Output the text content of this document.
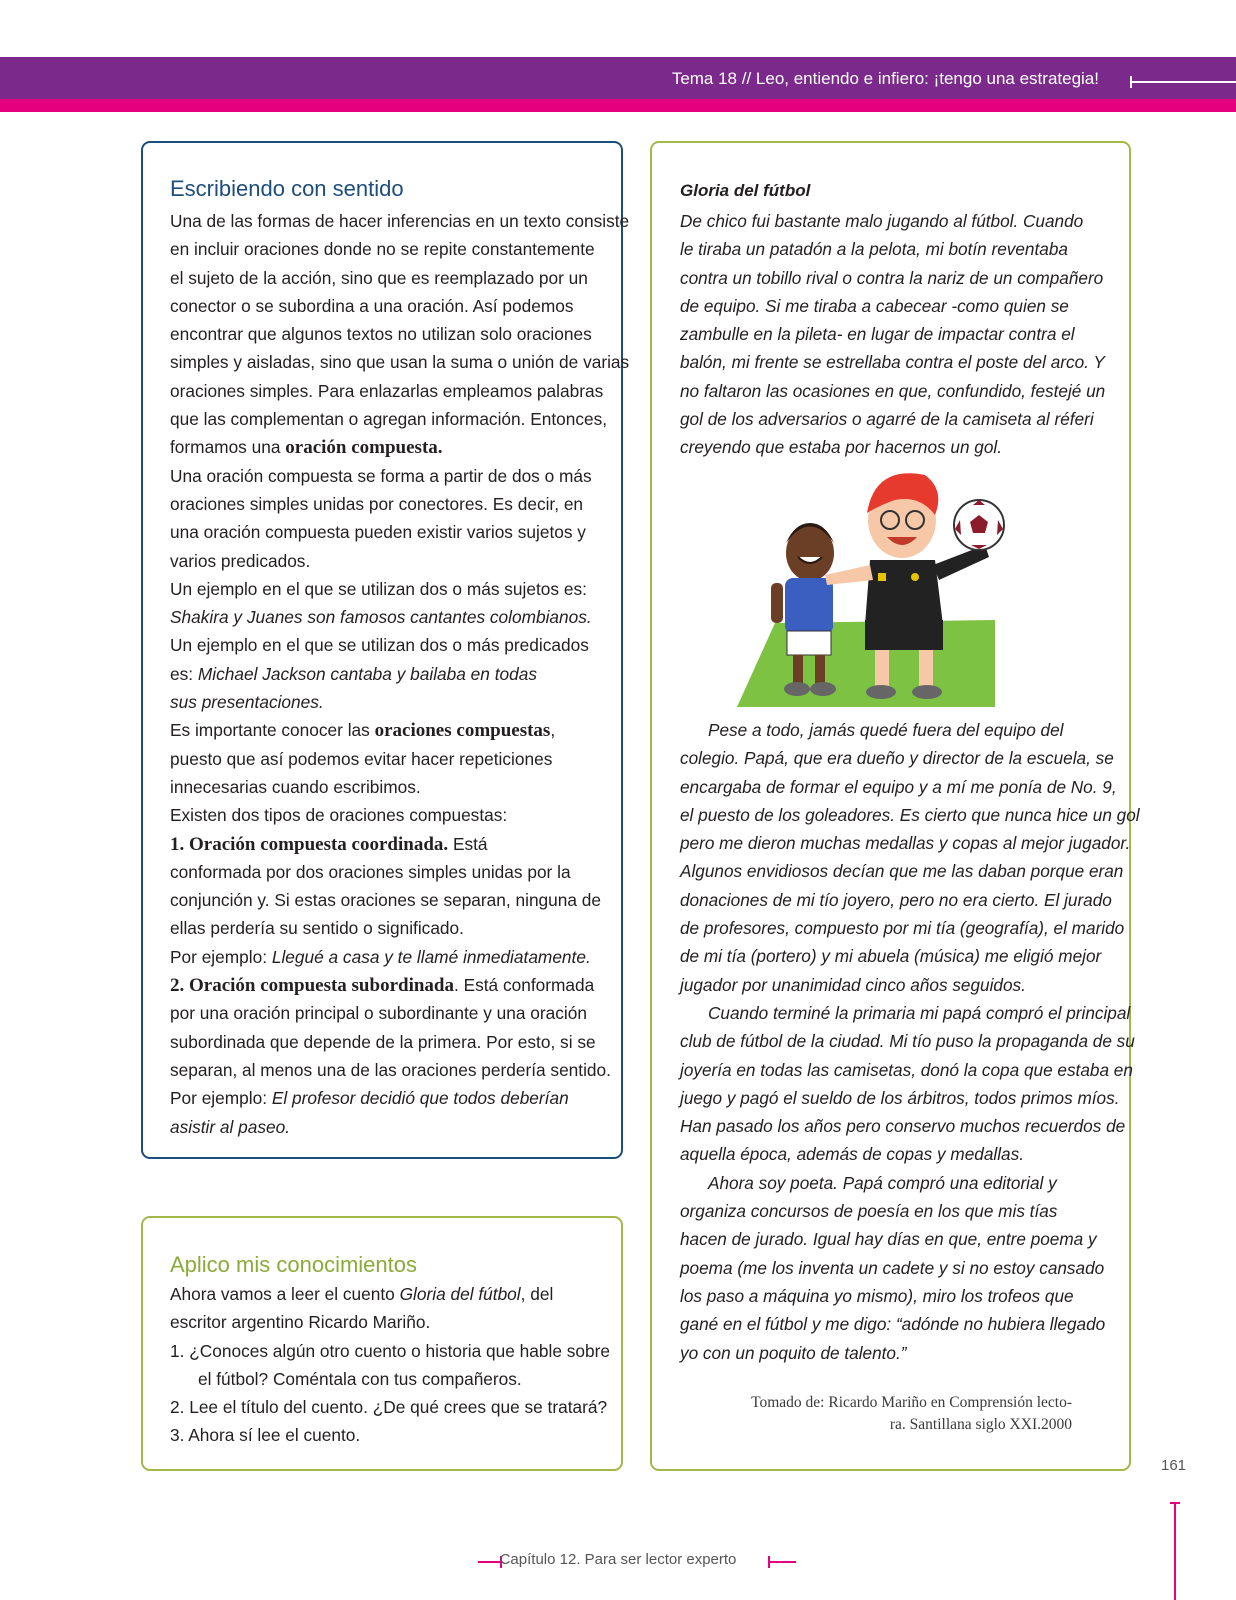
Tema 18 // Leo, entiendo e infiero: ¡tengo una estrategia!
Escribiendo con sentido
Una de las formas de hacer inferencias en un texto consiste
en incluir oraciones donde no se repite constantemente
el sujeto de la acción, sino que es reemplazado por un
conector o se subordina a una oración. Así podemos
encontrar que algunos textos no utilizan solo oraciones
simples y aisladas, sino que usan la suma o unión de varias
oraciones simples. Para enlazarlas empleamos palabras
que las complementan o agregan información. Entonces,
formamos una oración compuesta.
Una oración compuesta se forma a partir de dos o más
oraciones simples unidas por conectores. Es decir, en
una oración compuesta pueden existir varios sujetos y
varios predicados.
Un ejemplo en el que se utilizan dos o más sujetos es:
Shakira y Juanes son famosos cantantes colombianos.
Un ejemplo en el que se utilizan dos o más predicados
es: Michael Jackson cantaba y bailaba en todas
sus presentaciones.
Es importante conocer las oraciones compuestas,
puesto que así podemos evitar hacer repeticiones
innecesarias cuando escribimos.
Existen dos tipos de oraciones compuestas:
1. Oración compuesta coordinada. Está
conformada por dos oraciones simples unidas por la
conjunción y. Si estas oraciones se separan, ninguna de
ellas perdería su sentido o significado.
Por ejemplo: Llegué a casa y te llamé inmediatamente.
2. Oración compuesta subordinada. Está conformada
por una oración principal o subordinante y una oración
subordinada que depende de la primera. Por esto, si se
separan, al menos una de las oraciones perdería sentido.
Por ejemplo: El profesor decidió que todos deberían
asistir al paseo.
Aplico mis conocimientos
Ahora vamos a leer el cuento Gloria del fútbol, del
escritor argentino Ricardo Mariño.
1. ¿Conoces algún otro cuento o historia que hable sobre
el fútbol? Coméntala con tus compañeros.
2. Lee el título del cuento. ¿De qué crees que se tratará?
3. Ahora sí lee el cuento.
Gloria del fútbol
De chico fui bastante malo jugando al fútbol. Cuando
le tiraba un patadón a la pelota, mi botín reventaba
contra un tobillo rival o contra la nariz de un compañero
de equipo. Si me tiraba a cabecear -como quien se
zambulle en la pileta- en lugar de impactar contra el
balón, mi frente se estrellaba contra el poste del arco. Y
no faltaron las ocasiones en que, confundido, festejé un
gol de los adversarios o agarré de la camiseta al réferi
creyendo que estaba por hacernos un gol.
Pese a todo, jamás quedé fuera del equipo del
colegio. Papá, que era dueño y director de la escuela, se
encargaba de formar el equipo y a mí me ponía de No. 9,
el puesto de los goleadores. Es cierto que nunca hice un gol
pero me dieron muchas medallas y copas al mejor jugador.
Algunos envidiosos decían que me las daban porque eran
donaciones de mi tío joyero, pero no era cierto. El jurado
de profesores, compuesto por mi tía (geografía), el marido
de mi tía (portero) y mi abuela (música) me eligió mejor
jugador por unanimidad cinco años seguidos.
Cuando terminé la primaria mi papá compró el principal
club de fútbol de la ciudad. Mi tío puso la propaganda de su
joyería en todas las camisetas, donó la copa que estaba en
juego y pagó el sueldo de los árbitros, todos primos míos.
Han pasado los años pero conservo muchos recuerdos de
aquella época, además de copas y medallas.
Ahora soy poeta. Papá compró una editorial y
organiza concursos de poesía en los que mis tías
hacen de jurado. Igual hay días en que, entre poema y
poema (me los inventa un cadete y si no estoy cansado
los paso a máquina yo mismo), miro los trofeos que
gané en el fútbol y me digo: “adónde no hubiera llegado
yo con un poquito de talento.”
Tomado de: Ricardo Mariño en Comprensión lecto-
ra. Santillana siglo XXI.2000
161
Capítulo 12. Para ser lector experto
